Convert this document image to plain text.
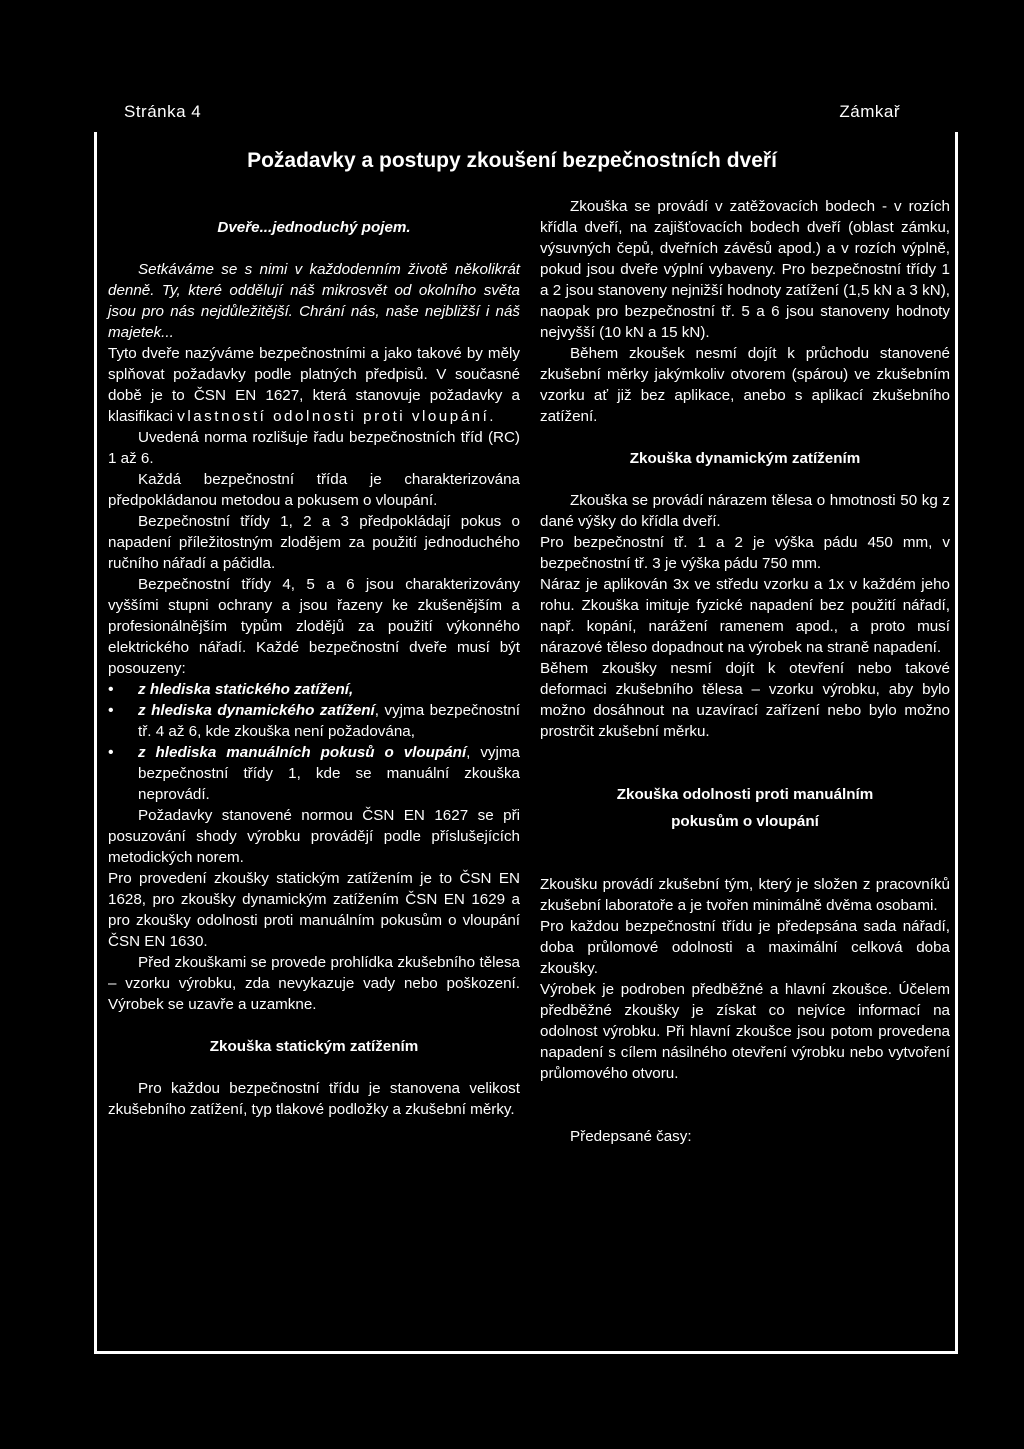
Stránka 4	Zámkař
Požadavky a postupy zkoušení bezpečnostních dveří

Dveře...jednoduchý pojem.

Setkáváme se s nimi v každodenním životě několikrát denně. Ty, které oddělují náš mikrosvět od okolního světa jsou pro nás nejdůležitější. Chrání nás, naše nejbližší i náš majetek...

Tyto dveře nazýváme bezpečnostními a jako takové by měly splňovat požadavky podle platných předpisů. V současné době je to ČSN EN 1627, která stanovuje požadavky a klasifikaci vlastností odolnosti proti vloupání.

Uvedená norma rozlišuje řadu bezpečnostních tříd (RC) 1 až 6.

Každá bezpečnostní třída je charakterizována předpokládanou metodou a pokusem o vloupání.

Bezpečnostní třídy 1, 2 a 3 předpokládají pokus o napadení příležitostným zlodějem za použití jednoduchého ručního nářadí a páčidla.

Bezpečnostní třídy 4, 5 a 6 jsou charakterizovány vyššími stupni ochrany a jsou řazeny ke zkušenějším a profesionálnějším typům zlodějů za použití výkonného elektrického nářadí. Každé bezpečnostní dveře musí být posouzeny:

• z hlediska statického zatížení,
• z hlediska dynamického zatížení, vyjma bezpečnostní tř. 4 až 6, kde zkouška není požadována,
• z hlediska manuálních pokusů o vloupání, vyjma bezpečnostní třídy 1, kde se manuální zkouška neprovádí.

Požadavky stanovené normou ČSN EN 1627 se při posuzování shody výrobku provádějí podle příslušejících metodických norem.

Pro provedení zkoušky statickým zatížením je to ČSN EN 1628, pro zkoušky dynamickým zatížením ČSN EN 1629 a pro zkoušky odolnosti proti manuálním pokusům o vloupání ČSN EN 1630.

Před zkouškami se provede prohlídka zkušebního tělesa – vzorku výrobku, zda nevykazuje vady nebo poškození. Výrobek se uzavře a uzamkne.

Zkouška statickým zatížením

Pro každou bezpečnostní třídu je stanovena velikost zkušebního zatížení, typ tlakové podložky a zkušební měrky.

Zkouška se provádí v zatěžovacích bodech - v rozích křídla dveří, na zajišťovacích bodech dveří (oblast zámku, výsuvných čepů, dveřních závěsů apod.) a v rozích výplně, pokud jsou dveře výplní vybaveny. Pro bezpečnostní třídy 1 a 2 jsou stanoveny nejnižší hodnoty zatížení (1,5 kN a 3 kN), naopak pro bezpečnostní tř. 5 a 6 jsou stanoveny hodnoty nejvyšší (10 kN a 15 kN).

Během zkoušek nesmí dojít k průchodu stanovené zkušební měrky jakýmkoliv otvorem (spárou) ve zkušebním vzorku ať již bez aplikace, anebo s aplikací zkušebního zatížení.

Zkouška dynamickým zatížením

Zkouška se provádí nárazem tělesa o hmotnosti 50 kg z dané výšky do křídla dveří.

Pro bezpečnostní tř. 1 a 2 je výška pádu 450 mm, v bezpečnostní tř. 3 je výška pádu 750 mm.

Náraz je aplikován 3x ve středu vzorku a 1x v každém jeho rohu. Zkouška imituje fyzické napadení bez použití nářadí, např. kopání, narážení ramenem apod., a proto musí nárazové těleso dopadnout na výrobek na straně napadení.

Během zkoušky nesmí dojít k otevření nebo takové deformaci zkušebního tělesa – vzorku výrobku, aby bylo možno dosáhnout na uzavírací zařízení nebo bylo možno prostrčit zkušební měrku.

Zkouška odolnosti proti manuálním

pokusům o vloupání

Zkoušku provádí zkušební tým, který je složen z pracovníků zkušební laboratoře a je tvořen minimálně dvěma osobami.

Pro každou bezpečnostní třídu je předepsána sada nářadí, doba průlomové odolnosti a maximální celková doba zkoušky.

Výrobek je podroben předběžné a hlavní zkoušce. Účelem předběžné zkoušky je získat co nejvíce informací na odolnost výrobku. Při hlavní zkoušce jsou potom provedena napadení s cílem násilného otevření výrobku nebo vytvoření průlomového otvoru.

Předepsané časy:
